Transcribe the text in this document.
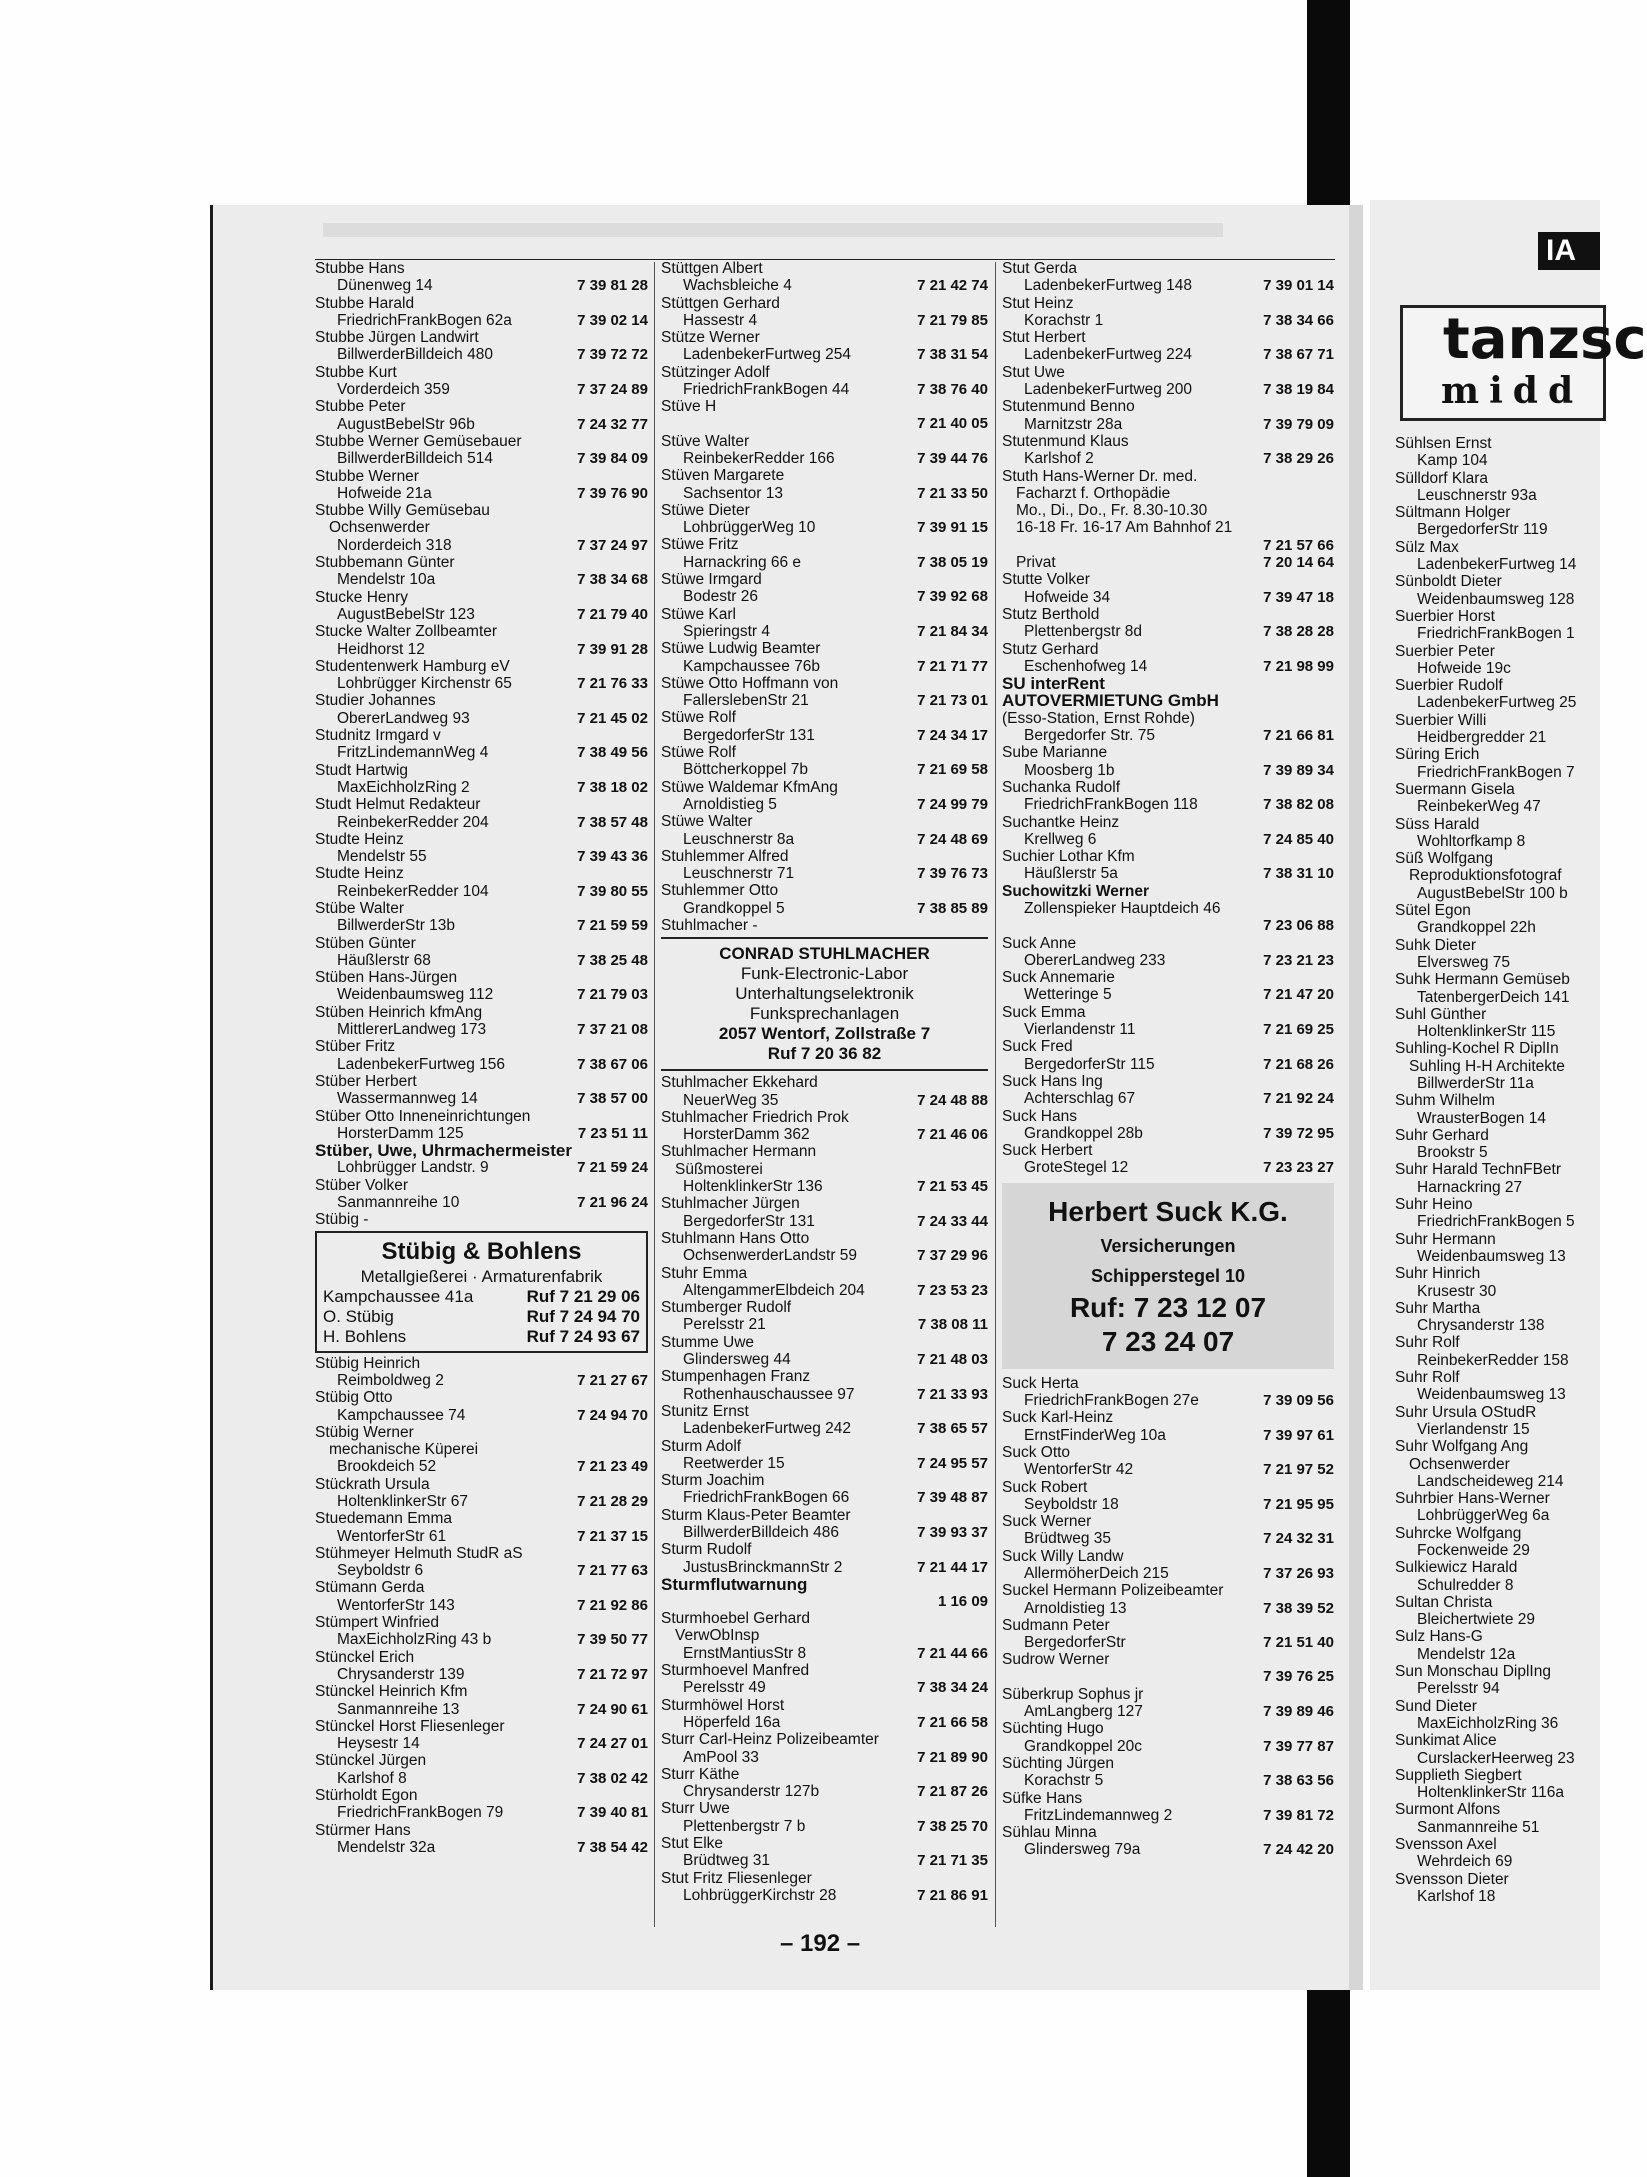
Stubbe Hans
Dünenweg 14	7 39 81 28
Stubbe Harald
FriedrichFrankBogen 62a	7 39 02 14
Stubbe Jürgen Landwirt
BillwerderBilldeich 480	7 39 72 72
Stubbe Kurt
Vorderdeich 359	7 37 24 89
Stubbe Peter
AugustBebelStr 96b	7 24 32 77
Stubbe Werner Gemüsebauer
BillwerderBilldeich 514	7 39 84 09
Stubbe Werner
Hofweide 21a	7 39 76 90
Stubbe Willy Gemüsebau
Ochsenwerder
Norderdeich 318	7 37 24 97
Stubbemann Günter
Mendelstr 10a	7 38 34 68
Stucke Henry
AugustBebelStr 123	7 21 79 40
Stucke Walter Zollbeamter
Heidhorst 12	7 39 91 28
Studentenwerk Hamburg eV
Lohbrügger Kirchenstr 65	7 21 76 33
Studier Johannes
ObererLandweg 93	7 21 45 02
Studnitz Irmgard v
FritzLindemannWeg 4	7 38 49 56
Studt Hartwig
MaxEichholzRing 2	7 38 18 02
Studt Helmut Redakteur
ReinbekerRedder 204	7 38 57 48
Studte Heinz
Mendelstr 55	7 39 43 36
Studte Heinz
ReinbekerRedder 104	7 39 80 55
Stübe Walter
BillwerderStr 13b	7 21 59 59
Stüben Günter
Häußlerstr 68	7 38 25 48
Stüben Hans-Jürgen
Weidenbaumsweg 112	7 21 79 03
Stüben Heinrich kfmAng
MittlererLandweg 173	7 37 21 08
Stüber Fritz
LadenbekerFurtweg 156	7 38 67 06
Stüber Herbert
Wassermannweg 14	7 38 57 00
Stüber Otto Inneneinrichtungen
HorsterDamm 125	7 23 51 11
Stüber, Uwe, Uhrmachermeister
Lohbrügger Landstr. 9	7 21 59 24
Stüber Volker
Sanmannreihe 10	7 21 96 24
Stübig -
Stübig & Bohlens
Metallgießerei · Armaturenfabrik
Kampchaussee 41a	Ruf 7 21 29 06
O. Stübig	Ruf 7 24 94 70
H. Bohlens	Ruf 7 24 93 67
Stübig Heinrich
Reimboldweg 2	7 21 27 67
Stübig Otto
Kampchaussee 74	7 24 94 70
Stübig Werner
mechanische Küperei
Brookdeich 52	7 21 23 49
Stückrath Ursula
HoltenklinkerStr 67	7 21 28 29
Stuedemann Emma
WentorferStr 61	7 21 37 15
Stühmeyer Helmuth StudR aS
Seyboldstr 6	7 21 77 63
Stümann Gerda
WentorferStr 143	7 21 92 86
Stümpert Winfried
MaxEichholzRing 43 b	7 39 50 77
Stünckel Erich
Chrysanderstr 139	7 21 72 97
Stünckel Heinrich Kfm
Sanmannreihe 13	7 24 90 61
Stünckel Horst Fliesenleger
Heysestr 14	7 24 27 01
Stünckel Jürgen
Karlshof 8	7 38 02 42
Stürholdt Egon
FriedrichFrankBogen 79	7 39 40 81
Stürmer Hans
Mendelstr 32a	7 38 54 42
Stüttgen Albert
Wachsbleiche 4	7 21 42 74
Stüttgen Gerhard
Hassestr 4	7 21 79 85
Stütze Werner
LadenbekerFurtweg 254	7 38 31 54
Stützinger Adolf
FriedrichFrankBogen 44	7 38 76 40
Stüve H
7 21 40 05
Stüve Walter
ReinbekerRedder 166	7 39 44 76
Stüven Margarete
Sachsentor 13	7 21 33 50
Stüwe Dieter
LohbrüggerWeg 10	7 39 91 15
Stüwe Fritz
Harnackring 66 e	7 38 05 19
Stüwe Irmgard
Bodestr 26	7 39 92 68
Stüwe Karl
Spieringstr 4	7 21 84 34
Stüwe Ludwig Beamter
Kampchaussee 76b	7 21 71 77
Stüwe Otto Hoffmann von
FallerslebenStr 21	7 21 73 01
Stüwe Rolf
BergedorferStr 131	7 24 34 17
Stüwe Rolf
Böttcherkoppel 7b	7 21 69 58
Stüwe Waldemar KfmAng
Arnoldistieg 5	7 24 99 79
Stüwe Walter
Leuschnerstr 8a	7 24 48 69
Stuhlemmer Alfred
Leuschnerstr 71	7 39 76 73
Stuhlemmer Otto
Grandkoppel 5	7 38 85 89
Stuhlmacher -
CONRAD STUHLMACHER
Funk-Electronic-Labor
Unterhaltungselektronik
Funksprechanlagen
2057 Wentorf, Zollstraße 7
Ruf 7 20 36 82
Stuhlmacher Ekkehard
NeuerWeg 35	7 24 48 88
Stuhlmacher Friedrich Prok
HorsterDamm 362	7 21 46 06
Stuhlmacher Hermann
Süßmosterei
HoltenklinkerStr 136	7 21 53 45
Stuhlmacher Jürgen
BergedorferStr 131	7 24 33 44
Stuhlmann Hans Otto
OchsenwerderLandstr 59	7 37 29 96
Stuhr Emma
AltengammerElbdeich 204	7 23 53 23
Stumberger Rudolf
Perelsstr 21	7 38 08 11
Stumme Uwe
Glindersweg 44	7 21 48 03
Stumpenhagen Franz
Rothenhauschaussee 97	7 21 33 93
Stunitz Ernst
LadenbekerFurtweg 242	7 38 65 57
Sturm Adolf
Reetwerder 15	7 24 95 57
Sturm Joachim
FriedrichFrankBogen 66	7 39 48 87
Sturm Klaus-Peter Beamter
BillwerderBilldeich 486	7 39 93 37
Sturm Rudolf
JustusBrinckmannStr 2	7 21 44 17
Sturmflutwarnung
1 16 09
Sturmhoebel Gerhard
VerwObInsp
ErnstMantiusStr 8	7 21 44 66
Sturmhoevel Manfred
Perelsstr 49	7 38 34 24
Sturmhöwel Horst
Höperfeld 16a	7 21 66 58
Sturr Carl-Heinz Polizeibeamter
AmPool 33	7 21 89 90
Sturr Käthe
Chrysanderstr 127b	7 21 87 26
Sturr Uwe
Plettenbergstr 7 b	7 38 25 70
Stut Elke
Brüdtweg 31	7 21 71 35
Stut Fritz Fliesenleger
LohbrüggerKirchstr 28	7 21 86 91
Stut Gerda
LadenbekerFurtweg 148	7 39 01 14
Stut Heinz
Korachstr 1	7 38 34 66
Stut Herbert
LadenbekerFurtweg 224	7 38 67 71
Stut Uwe
LadenbekerFurtweg 200	7 38 19 84
Stutenmund Benno
Marnitzstr 28a	7 39 79 09
Stutenmund Klaus
Karlshof 2	7 38 29 26
Stuth Hans-Werner Dr. med.
Facharzt f. Orthopädie
Mo., Di., Do., Fr. 8.30-10.30
16-18 Fr. 16-17 Am Bahnhof 21
7 21 57 66
Privat	7 20 14 64
Stutte Volker
Hofweide 34	7 39 47 18
Stutz Berthold
Plettenbergstr 8d	7 38 28 28
Stutz Gerhard
Eschenhofweg 14	7 21 98 99
SU interRent
AUTOVERMIETUNG GmbH
(Esso-Station, Ernst Rohde)
Bergedorfer Str. 75	7 21 66 81
Sube Marianne
Moosberg 1b	7 39 89 34
Suchanka Rudolf
FriedrichFrankBogen 118	7 38 82 08
Suchantke Heinz
Krellweg 6	7 24 85 40
Suchier Lothar Kfm
Häußlerstr 5a	7 38 31 10
Suchowitzki Werner
Zollenspieker Hauptdeich 46
7 23 06 88
Suck Anne
ObererLandweg 233	7 23 21 23
Suck Annemarie
Wetteringe 5	7 21 47 20
Suck Emma
Vierlandenstr 11	7 21 69 25
Suck Fred
BergedorferStr 115	7 21 68 26
Suck Hans Ing
Achterschlag 67	7 21 92 24
Suck Hans
Grandkoppel 28b	7 39 72 95
Suck Herbert
GroteStegel 12	7 23 23 27
Herbert Suck K.G.
Versicherungen
Schipperstegel 10
Ruf: 7 23 12 07
7 23 24 07
Suck Herta
FriedrichFrankBogen 27e	7 39 09 56
Suck Karl-Heinz
ErnstFinderWeg 10a	7 39 97 61
Suck Otto
WentorferStr 42	7 21 97 52
Suck Robert
Seyboldstr 18	7 21 95 95
Suck Werner
Brüdtweg 35	7 24 32 31
Suck Willy Landw
AllermöherDeich 215	7 37 26 93
Suckel Hermann Polizeibeamter
Arnoldistieg 13	7 38 39 52
Sudmann Peter
BergedorferStr	7 21 51 40
Sudrow Werner
7 39 76 25
Süberkrup Sophus jr
AmLangberg 127	7 39 89 46
Süchting Hugo
Grandkoppel 20c	7 39 77 87
Süchting Jürgen
Korachstr 5	7 38 63 56
Süfke Hans
FritzLindemannweg 2	7 39 81 72
Sühlau Minna
Glindersweg 79a	7 24 42 20
– 192 –
IA
tanzsc
midd
Sühlsen Ernst
Kamp 104
Sülldorf Klara
Leuschnerstr 93a
Sültmann Holger
BergedorferStr 119
Sülz Max
LadenbekerFurtweg 14
Sünboldt Dieter
Weidenbaumsweg 128
Suerbier Horst
FriedrichFrankBogen 1
Suerbier Peter
Hofweide 19c
Suerbier Rudolf
LadenbekerFurtweg 25
Suerbier Willi
Heidbergredder 21
Süring Erich
FriedrichFrankBogen 7
Suermann Gisela
ReinbekerWeg 47
Süss Harald
Wohltorfkamp 8
Süß Wolfgang
Reproduktionsfotograf
AugustBebelStr 100 b
Sütel Egon
Grandkoppel 22h
Suhk Dieter
Elversweg 75
Suhk Hermann Gemüseb
TatenbergerDeich 141
Suhl Günther
HoltenklinkerStr 115
Suhling-Kochel R DiplIn
Suhling H-H Architekte
BillwerderStr 11a
Suhm Wilhelm
WrausterBogen 14
Suhr Gerhard
Brookstr 5
Suhr Harald TechnFBetr
Harnackring 27
Suhr Heino
FriedrichFrankBogen 5
Suhr Hermann
Weidenbaumsweg 13
Suhr Hinrich
Krusestr 30
Suhr Martha
Chrysanderstr 138
Suhr Rolf
ReinbekerRedder 158
Suhr Rolf
Weidenbaumsweg 13
Suhr Ursula OStudR
Vierlandenstr 15
Suhr Wolfgang Ang
Ochsenwerder
Landscheideweg 214
Suhrbier Hans-Werner
LohbrüggerWeg 6a
Suhrcke Wolfgang
Fockenweide 29
Sulkiewicz Harald
Schulredder 8
Sultan Christa
Bleichertwiete 29
Sulz Hans-G
Mendelstr 12a
Sun Monschau DiplIng
Perelsstr 94
Sund Dieter
MaxEichholzRing 36
Sunkimat Alice
CurslackerHeerweg 23
Supplieth Siegbert
HoltenklinkerStr 116a
Surmont Alfons
Sanmannreihe 51
Svensson Axel
Wehrdeich 69
Svensson Dieter
Karlshof 18
